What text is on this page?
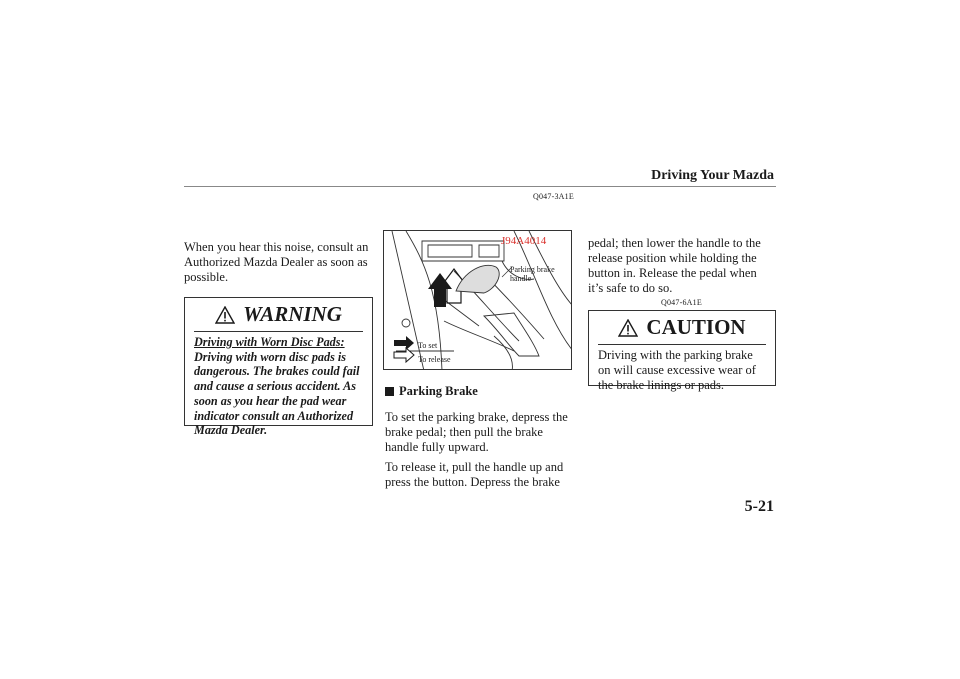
Driving Your Mazda
Q047-3A1E
When you hear this noise, consult an Authorized Mazda Dealer as soon as possible.
WARNING
Driving with Worn Disc Pads:
Driving with worn disc pads is dangerous. The brakes could fail and cause a serious accident. As soon as you hear the pad wear indicator consult an Authorized Mazda Dealer.
J94A4014
Parking brake handle
To set
To release
Parking Brake
To set the parking brake, depress the brake pedal; then pull the brake handle fully upward.
To release it, pull the handle up and press the button. Depress the brake
pedal; then lower the handle to the release position while holding the button in. Release the pedal when it’s safe to do so.
Q047-6A1E
CAUTION
Driving with the parking brake on will cause excessive wear of the brake linings or pads.
5-21
